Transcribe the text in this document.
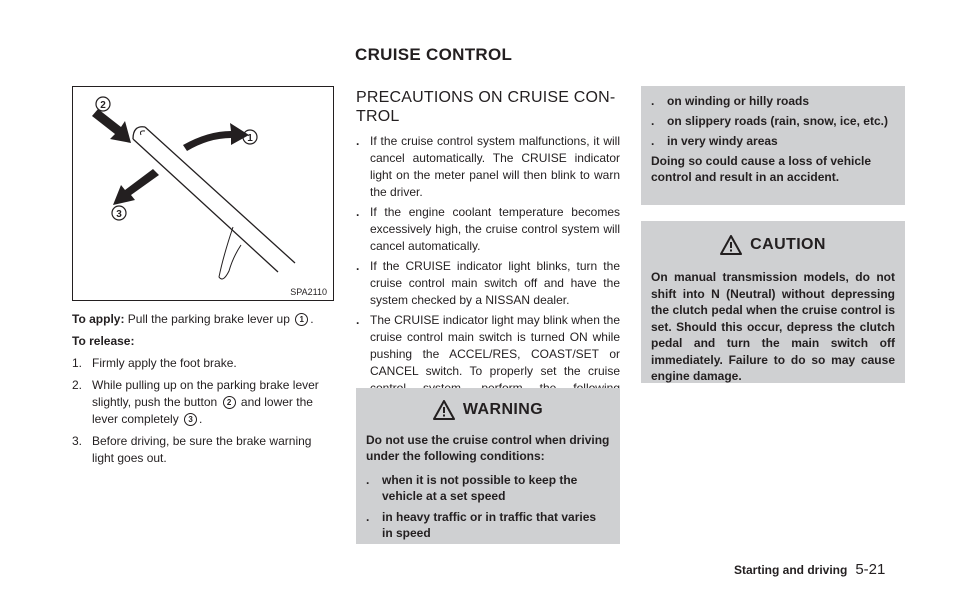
CRUISE CONTROL
1
2
3
SPA2110

To apply: Pull the parking brake lever up 1 .

To release:

1. Firmly apply the foot brake.
2. While pulling up on the parking brake lever slightly, push the button 2 and lower the lever completely 3 .
3. Before driving, be sure the brake warning light goes out.
PRECAUTIONS ON CRUISE CON-TROL
. If the cruise control system malfunctions, it will cancel automatically. The CRUISE indicator light on the meter panel will then blink to warn the driver.
. If the engine coolant temperature becomes excessively high, the cruise control system will cancel automatically.
. If the CRUISE indicator light blinks, turn the cruise control main switch off and have the system checked by a NISSAN dealer.
. The CRUISE indicator light may blink when the cruise control main switch is turned ON while pushing the ACCEL/RES, COAST/SET or CANCEL switch. To properly set the cruise
WARNING

Do not use the cruise control when driving under the following conditions:

.	when it is not possible to keep the vehicle at a set speed
.	in heavy traffic or in traffic that varies in speed
.	on winding or hilly roads
.	on slippery roads (rain, snow, ice, etc.)
.	in very windy areas

Doing so could cause a loss of vehicle control and result in an accident.

CAUTION

On manual transmission models, do not shift into N (Neutral) without depressing the clutch pedal when the cruise control is set. Should this occur, depress the clutch pedal and turn the main switch off immediately. Failure to do so may cause engine damage.

Starting and driving 5-21
